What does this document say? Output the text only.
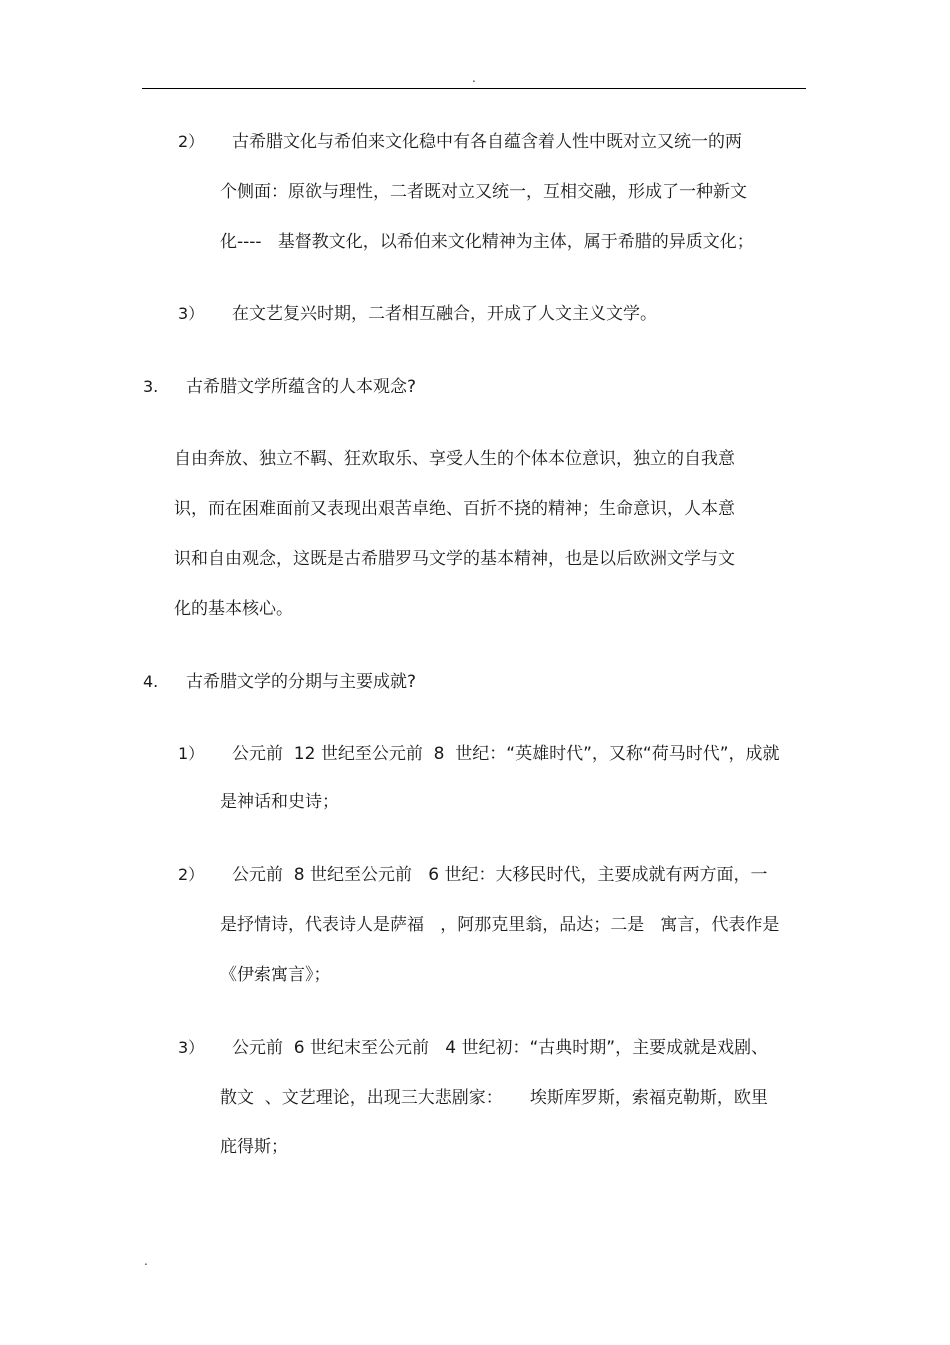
.
2） 古希腊文化与希伯来文化稳中有各自蕴含着人性中既对立又统一的两
个侧面：原欲与理性，二者既对立又统一，互相交融，形成了一种新文
化----   基督教文化，以希伯来文化精神为主体，属于希腊的异质文化；
3） 在文艺复兴时期，二者相互融合，开成了人文主义文学。
3. 古希腊文学所蕴含的人本观念?
自由奔放、独立不羁、狂欢取乐、享受人生的个体本位意识，独立的自我意
识，而在困难面前又表现出艰苦卓绝、百折不挠的精神；生命意识，人本意
识和自由观念，这既是古希腊罗马文学的基本精神，也是以后欧洲文学与文
化的基本核心。
4. 古希腊文学的分期与主要成就?
1） 公元前  12 世纪至公元前  8  世纪：“英雄时代”，又称“荷马时代”，成就
是神话和史诗；
2） 公元前  8 世纪至公元前   6 世纪：大移民时代，主要成就有两方面，一
是抒情诗，代表诗人是萨福   ，阿那克里翁，品达；二是   寓言，代表作是
《伊索寓言》；
3） 公元前  6 世纪末至公元前   4 世纪初：“古典时期”，主要成就是戏剧、
散文  、文艺理论，出现三大悲剧家：     埃斯库罗斯，索福克勒斯，欧里
庇得斯；
.
